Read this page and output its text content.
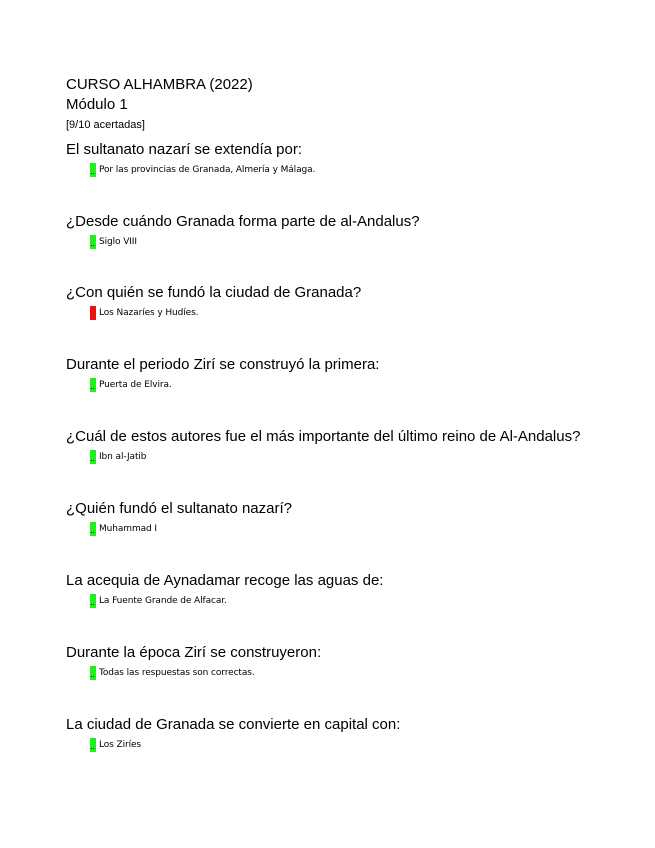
CURSO ALHAMBRA (2022)
Módulo 1
[9/10 acertadas]
El sultanato nazarí se extendía por:
.. Por las provincias de Granada, Almería y Málaga.
¿Desde cuándo Granada forma parte de al-Andalus?
.. Siglo VIII
¿Con quién se fundó la ciudad de Granada?
Los Nazaríes y Hudíes.
Durante el periodo Zirí se construyó la primera:
.. Puerta de Elvira.
¿Cuál de estos autores fue el más importante del último reino de Al-Andalus?
.. Ibn al-Jatib
¿Quién fundó el sultanato nazarí?
.. Muhammad I
La acequia de Aynadamar recoge las aguas de:
.. La Fuente Grande de Alfacar.
Durante la época Zirí se construyeron:
.. Todas las respuestas son correctas.
La ciudad de Granada se convierte en capital con:
.. Los Ziríes
